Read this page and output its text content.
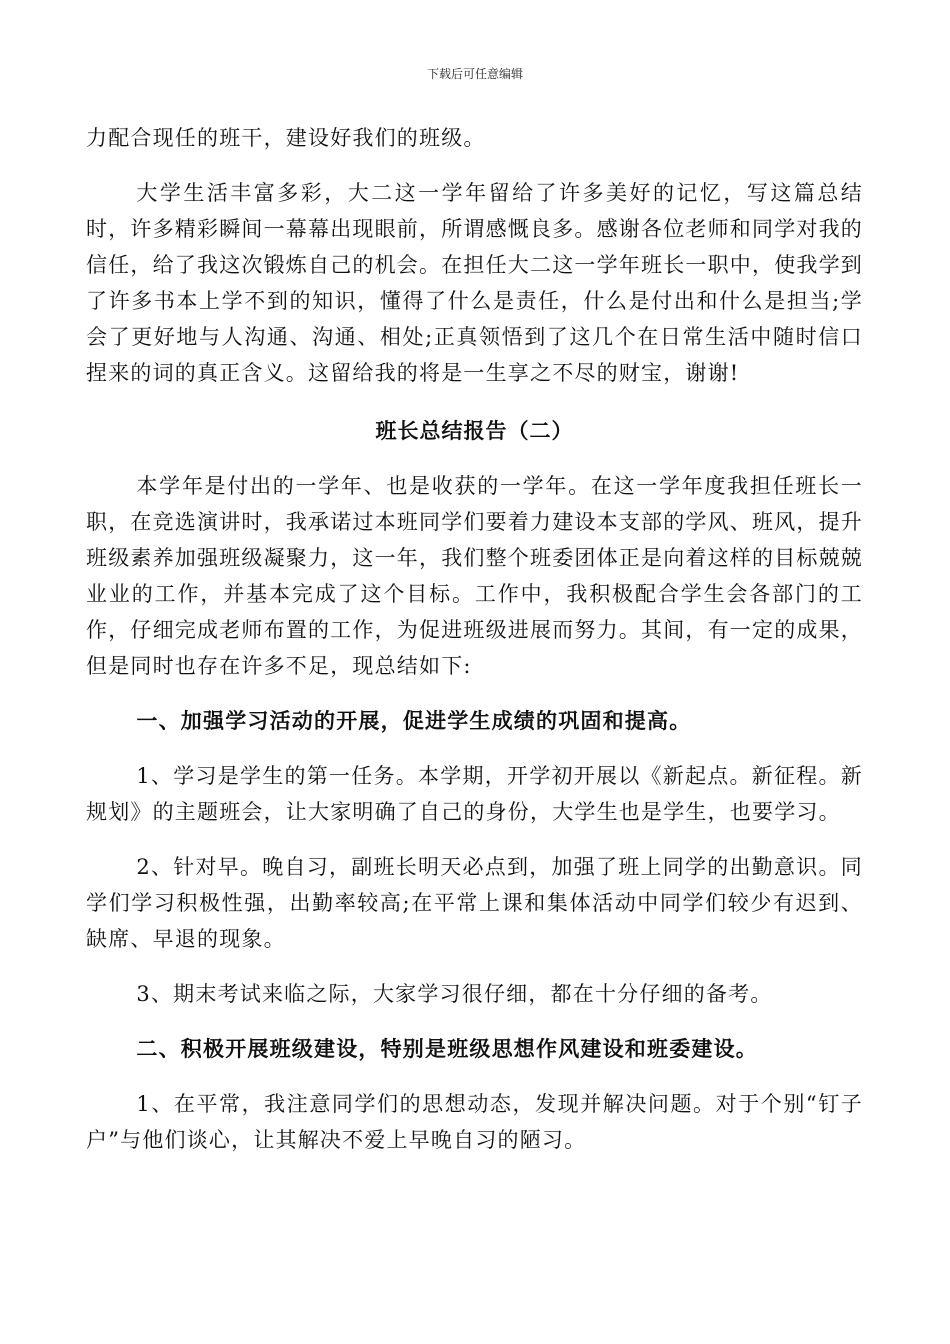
下载后可任意编辑

力配合现任的班干，建设好我们的班级。

大学生活丰富多彩，大二这一学年留给了许多美好的记忆，写这篇总结时，许多精彩瞬间一幕幕出现眼前，所谓感慨良多。感谢各位老师和同学对我的信任，给了我这次锻炼自己的机会。在担任大二这一学年班长一职中，使我学到了许多书本上学不到的知识，懂得了什么是责任，什么是付出和什么是担当;学会了更好地与人沟通、沟通、相处;正真领悟到了这几个在日常生活中随时信口捏来的词的真正含义。这留给我的将是一生享之不尽的财宝，谢谢!

班长总结报告（二）

本学年是付出的一学年、也是收获的一学年。在这一学年度我担任班长一职，在竞选演讲时，我承诺过本班同学们要着力建设本支部的学风、班风，提升班级素养加强班级凝聚力，这一年，我们整个班委团体正是向着这样的目标兢兢业业的工作，并基本完成了这个目标。工作中，我积极配合学生会各部门的工作，仔细完成老师布置的工作，为促进班级进展而努力。其间，有一定的成果，但是同时也存在许多不足，现总结如下:

一、加强学习活动的开展，促进学生成绩的巩固和提高。

1、学习是学生的第一任务。本学期，开学初开展以《新起点。新征程。新规划》的主题班会，让大家明确了自己的身份，大学生也是学生，也要学习。

2、针对早。晚自习，副班长明天必点到，加强了班上同学的出勤意识。同学们学习积极性强，出勤率较高;在平常上课和集体活动中同学们较少有迟到、缺席、早退的现象。

3、期末考试来临之际，大家学习很仔细，都在十分仔细的备考。

二、积极开展班级建设，特别是班级思想作风建设和班委建设。

1、在平常，我注意同学们的思想动态，发现并解决问题。对于个别“钉子户”与他们谈心，让其解决不爱上早晚自习的陋习。
